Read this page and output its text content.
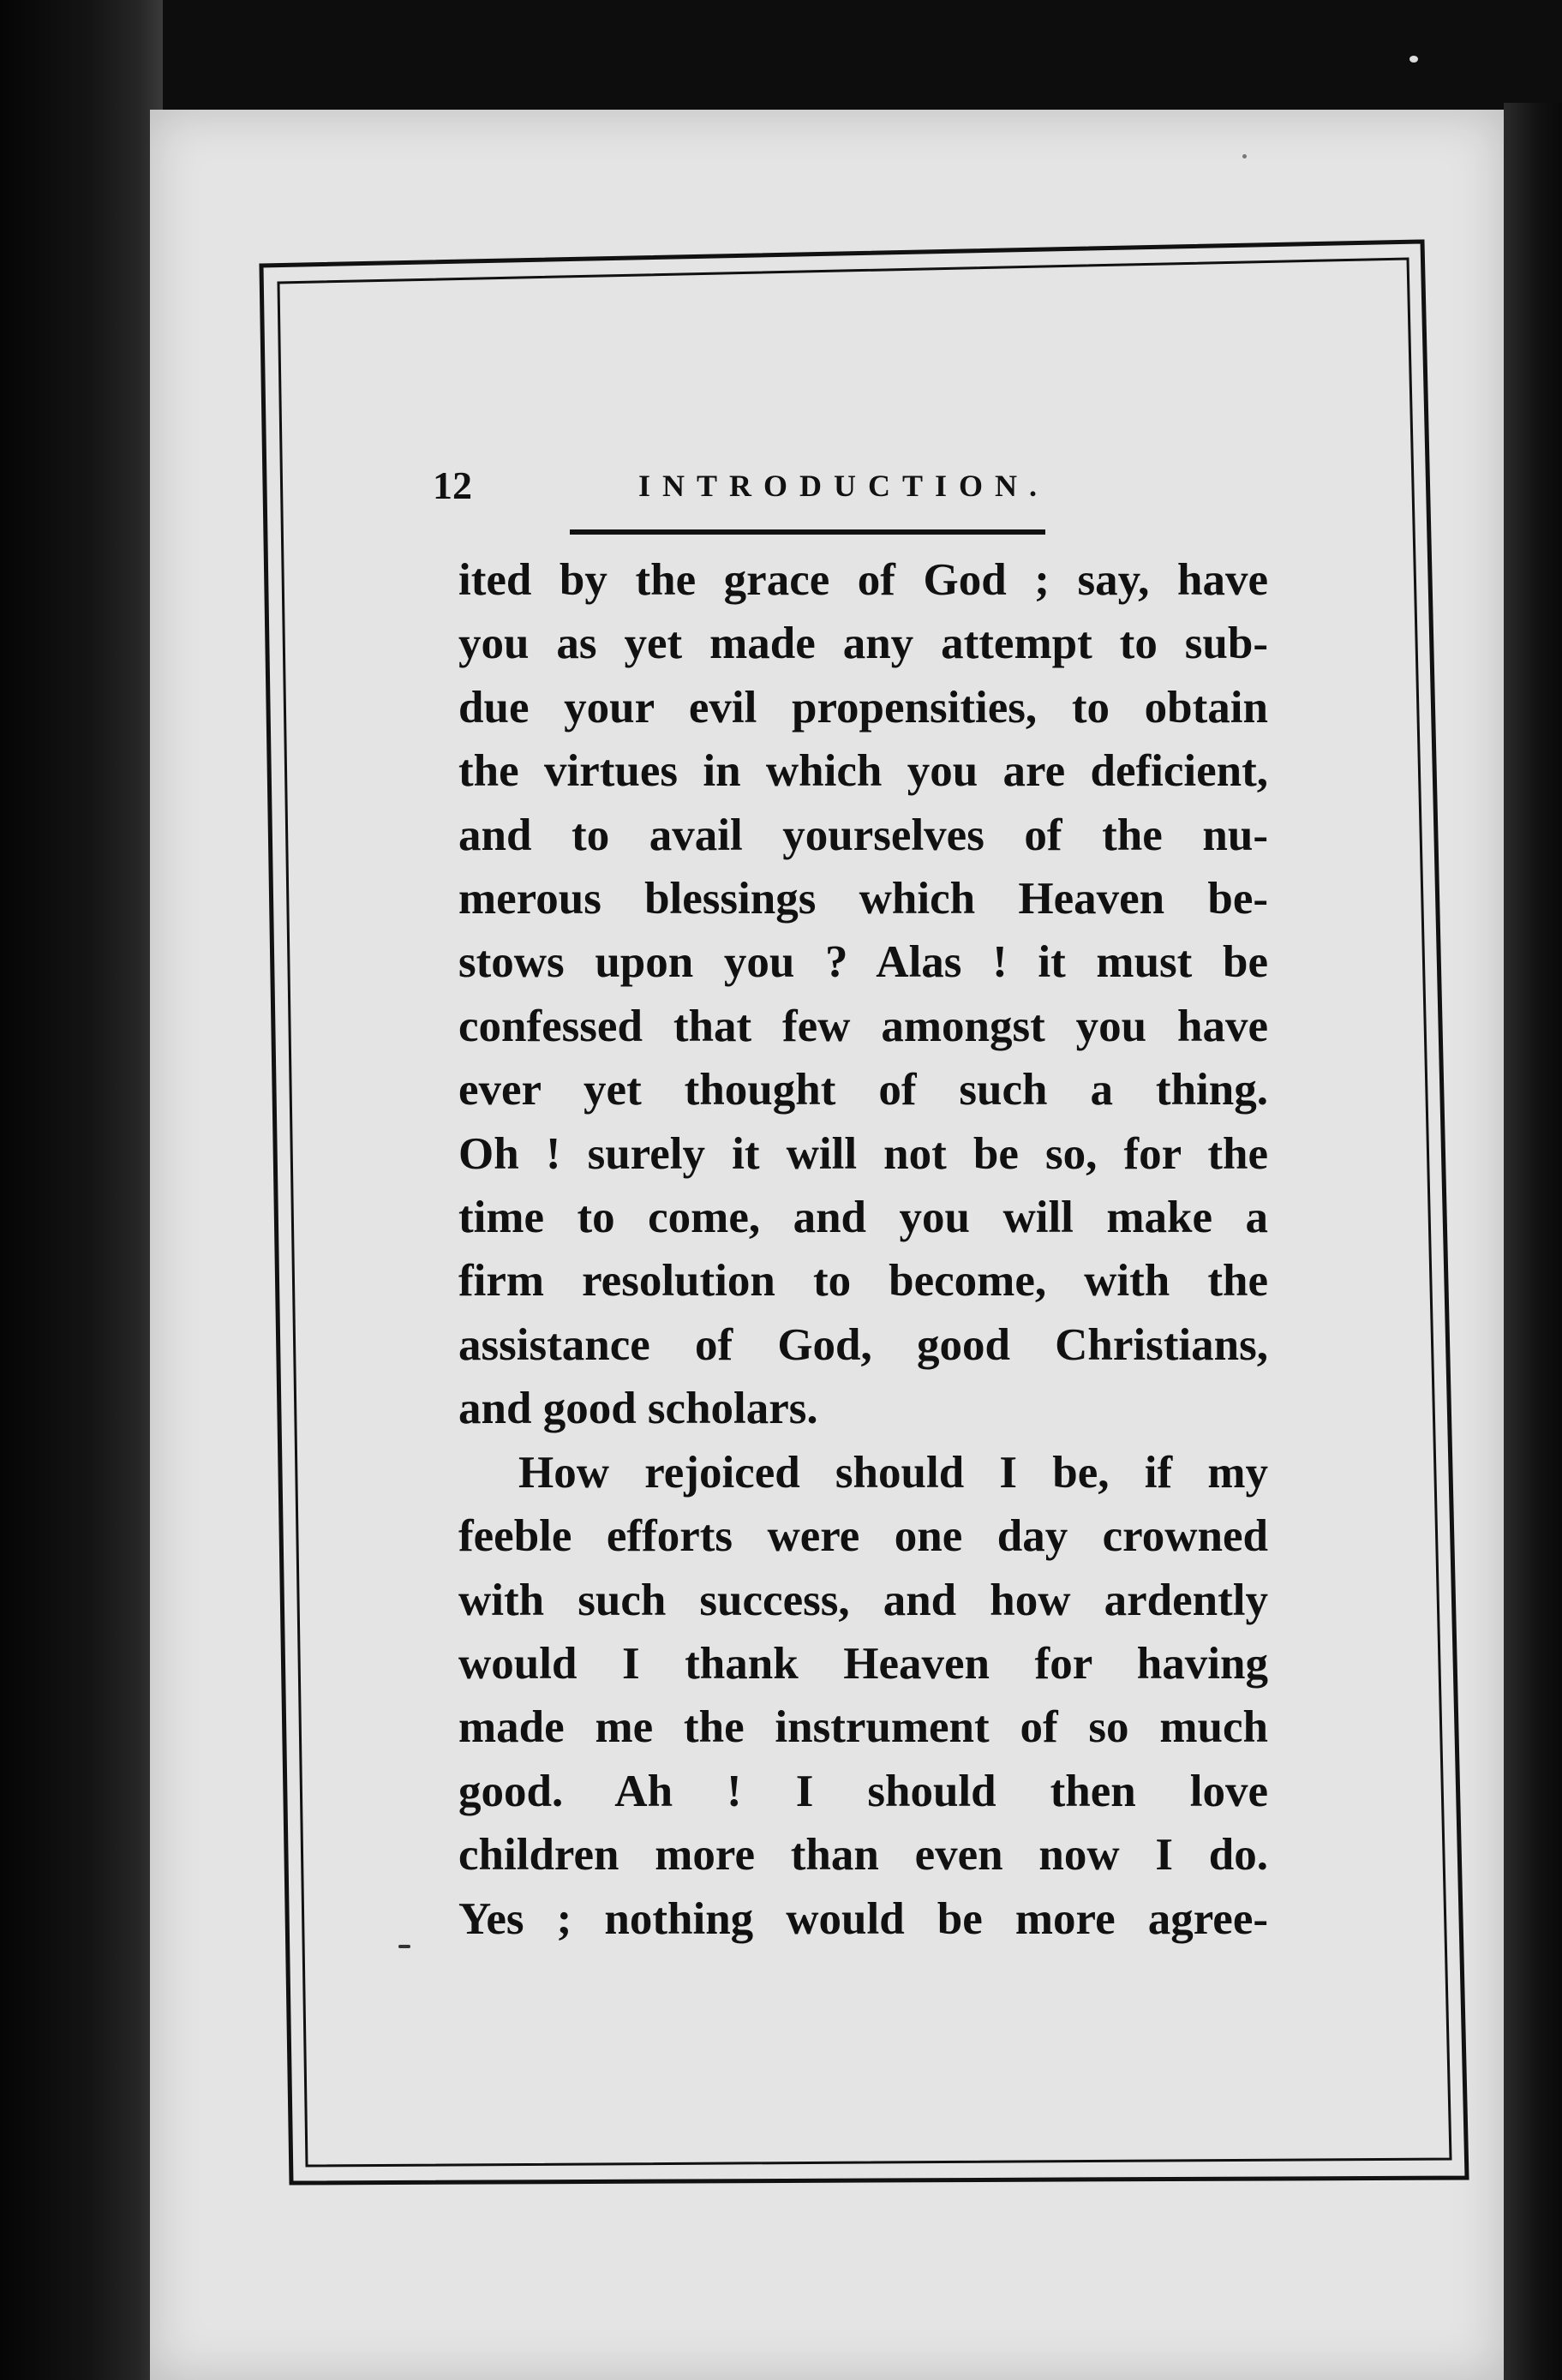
12	INTRODUCTION.
ited by the grace of God ; say, have
you as yet made any attempt to sub-
due your evil propensities, to obtain
the virtues in which you are deficient,
and to avail yourselves of the nu-
merous blessings which Heaven be-
stows upon you ? Alas ! it must be
confessed that few amongst you have
ever yet thought of such a thing.
Oh ! surely it will not be so, for the
time to come, and you will make a
firm resolution to become, with the
assistance of God, good Christians,
and good scholars.
How rejoiced should I be, if my
feeble efforts were one day crowned
with such success, and how ardently
would I thank Heaven for having
made me the instrument of so much
good. Ah ! I should then love
children more than even now I do.
Yes ; nothing would be more agree-
